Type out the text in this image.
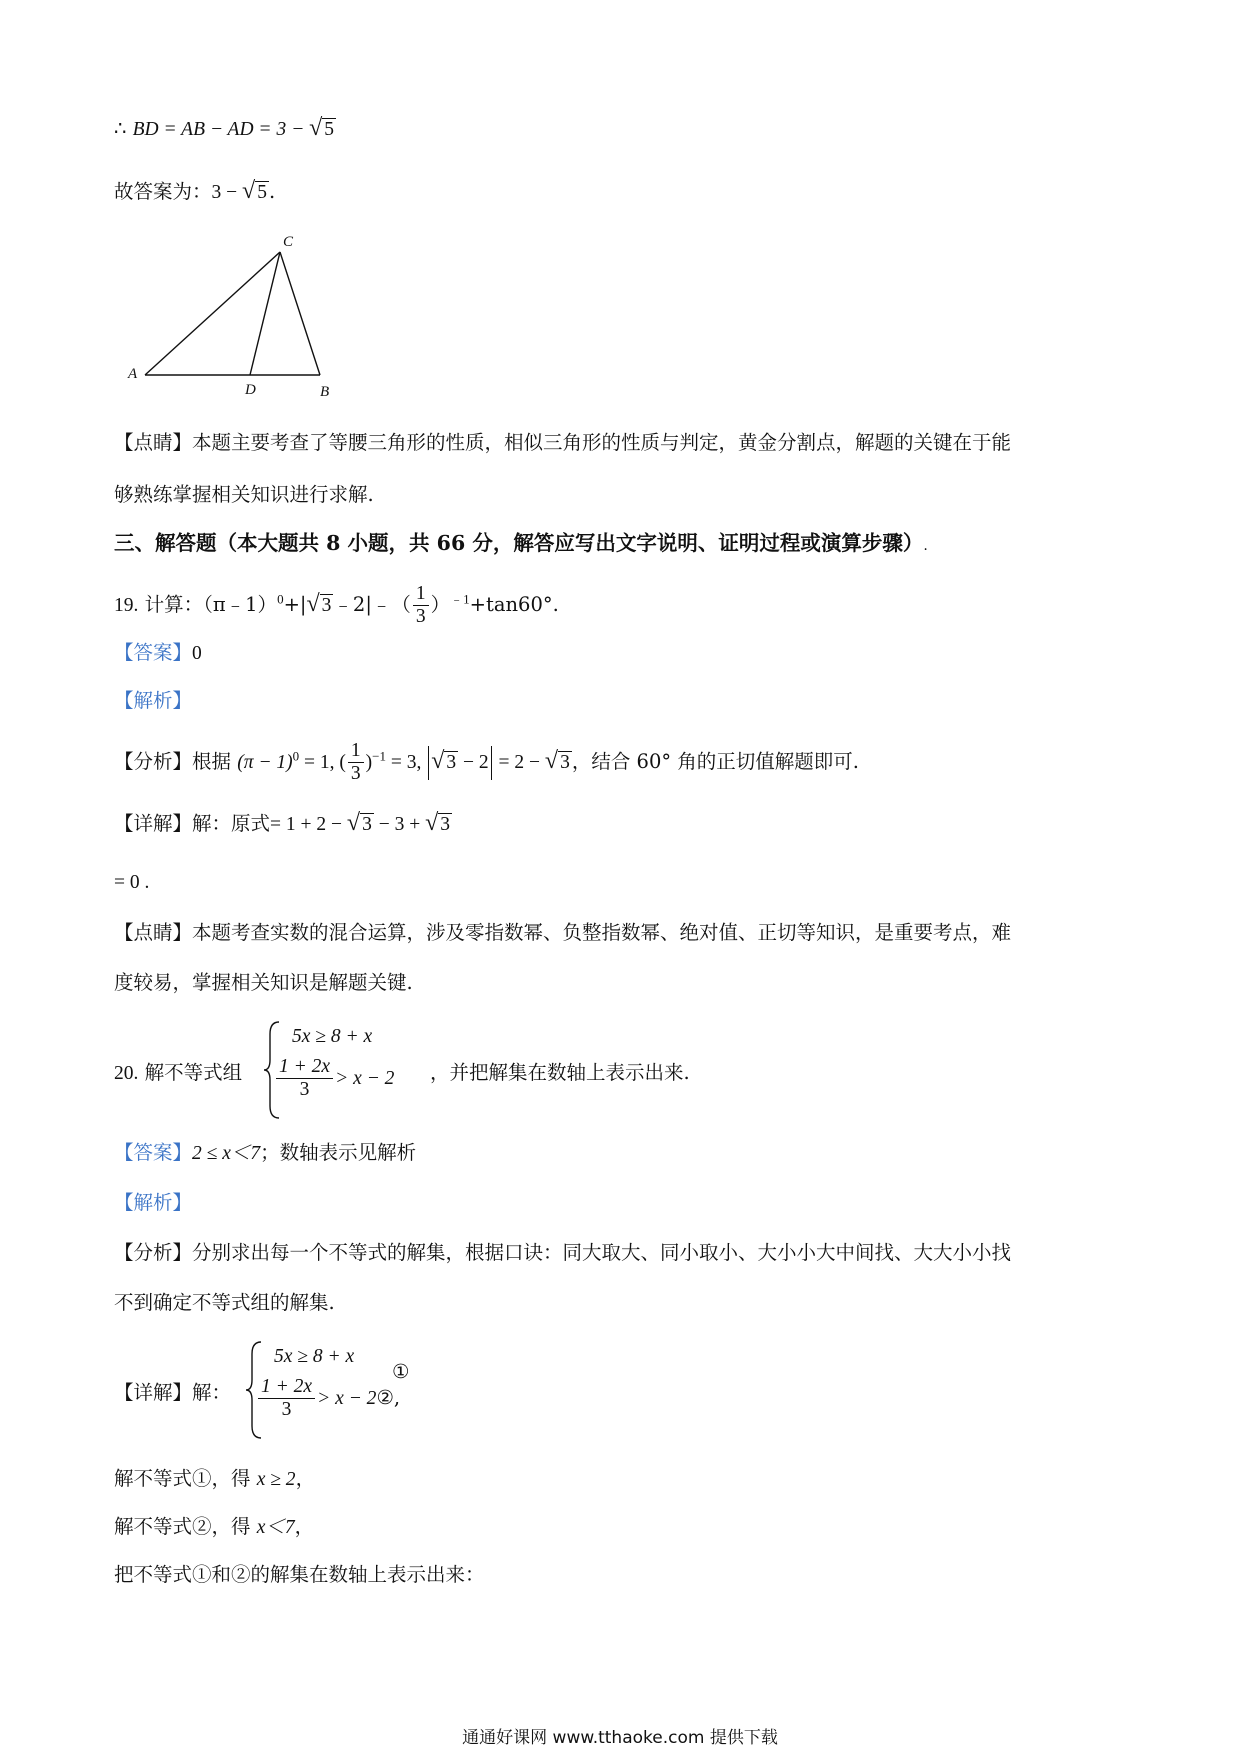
∴ BD = AB − AD = 3 − √ 5
故答案为：3 − √ 5 .
A
C
D	B
【点睛】本题主要考查了等腰三角形的性质，相似三角形的性质与判定，黄金分割点，解题的关键在于能
够熟练掌握相关知识进行求解.
三、解答题（本大题共 8 小题，共 66 分，解答应写出文字说明、证明过程或演算步骤）.
19. 计算：（π﹣1）$^0$+|√ 3 ﹣2|﹣（ $\frac{1}{3} )^{﹣1}+\tan 60^\circ$.
【答案】0
【解析】
【分析】根据 $(\pi - 1)^0 = 1$, ( $\frac{1}{3} )^{-1} = 3$, √ 3 − 2 = 2 − √ 3 ，结合 60° 角的正切值解题即可.
【详解】解：原式= 1 + 2 − √ 3 − 3 + √ 3
= 0 .
【点睛】本题考查实数的混合运算，涉及零指数幂、负整指数幂、绝对值、正切等知识，是重要考点，难
度较易，掌握相关知识是解题关键.
20. 解不等式组
5x ≥ 8 + x
$\frac{1 + 2x}{3} > x - 2$ ，并把解集在数轴上表示出来.
【答案】2 ≤ x＜7；数轴表示见解析
【解析】
【分析】分别求出每一个不等式的解集，根据口诀：同大取大、同小取小、大小小大中间找、大大小小找
不到确定不等式组的解集.
【详解】解：
5x ≥ 8 + x
①
$\frac{1 + 2x}{3} > x$ − 2②,
解不等式①，得 x ≥ 2，
解不等式②，得 x＜7，
把不等式①和②的解集在数轴上表示出来：
通通好课网 www.tthaoke.com 提供下载
